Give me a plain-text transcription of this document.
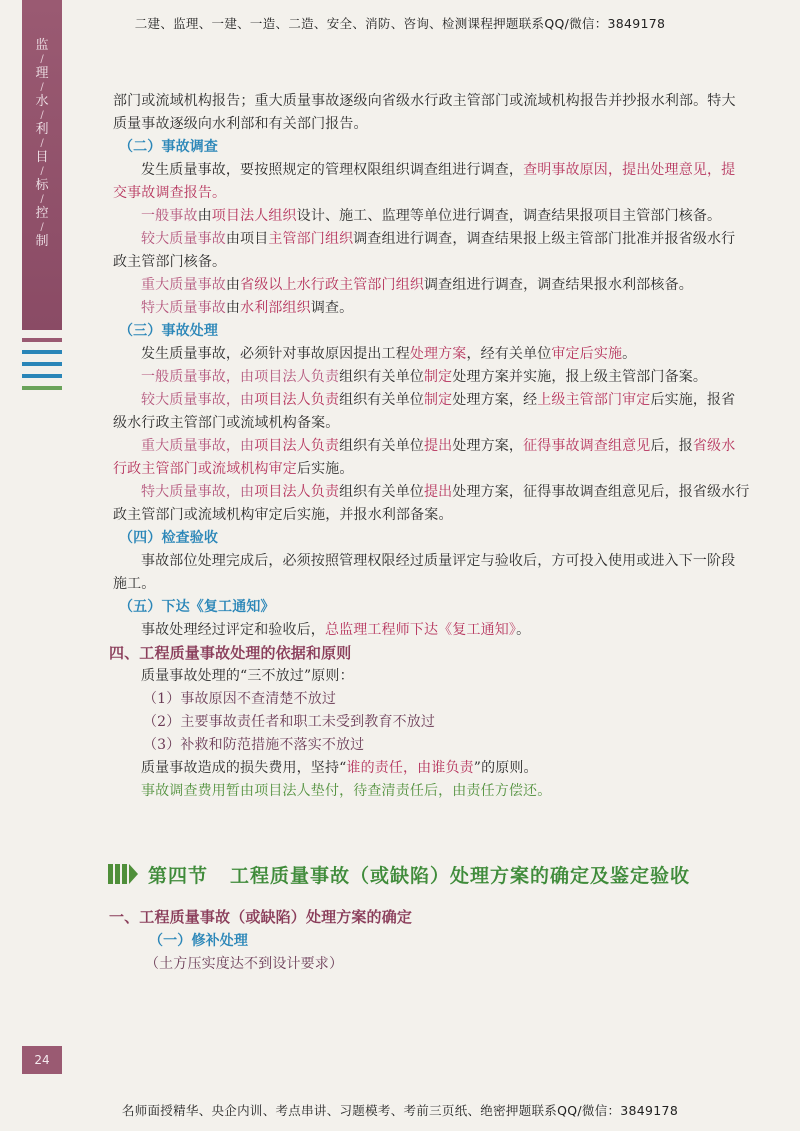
二建、监理、一建、一造、二造、安全、消防、咨询、检测课程押题联系QQ/微信：3849178
监
/
理
/
水
/
利
/
目
/
标
/
控
/
制
部门或流域机构报告；重大质量事故逐级向省级水行政主管部门或流域机构报告并抄报水利部。特大
质量事故逐级向水利部和有关部门报告。
（二）事故调查
发生质量事故，要按照规定的管理权限组织调查组进行调查，查明事故原因，提出处理意见，提
交事故调查报告。
一般事故由项目法人组织设计、施工、监理等单位进行调查，调查结果报项目主管部门核备。
较大质量事故由项目主管部门组织调查组进行调查，调查结果报上级主管部门批准并报省级水行
政主管部门核备。
重大质量事故由省级以上水行政主管部门组织调查组进行调查，调查结果报水利部核备。
特大质量事故由水利部组织调查。
（三）事故处理
发生质量事故，必须针对事故原因提出工程处理方案，经有关单位审定后实施。
一般质量事故，由项目法人负责组织有关单位制定处理方案并实施，报上级主管部门备案。
较大质量事故，由项目法人负责组织有关单位制定处理方案，经上级主管部门审定后实施，报省
级水行政主管部门或流域机构备案。
重大质量事故，由项目法人负责组织有关单位提出处理方案，征得事故调查组意见后，报省级水
行政主管部门或流域机构审定后实施。
特大质量事故，由项目法人负责组织有关单位提出处理方案，征得事故调查组意见后，报省级水行
政主管部门或流域机构审定后实施，并报水利部备案。
（四）检查验收
事故部位处理完成后，必须按照管理权限经过质量评定与验收后，方可投入使用或进入下一阶段
施工。
（五）下达《复工通知》
事故处理经过评定和验收后，总监理工程师下达《复工通知》。
四、工程质量事故处理的依据和原则
质量事故处理的“三不放过”原则：
（1）事故原因不查清楚不放过
（2）主要事故责任者和职工未受到教育不放过
（3）补救和防范措施不落实不放过
质量事故造成的损失费用，坚持“谁的责任，由谁负责”的原则。
事故调查费用暂由项目法人垫付，待查清责任后，由责任方偿还。
第四节 工程质量事故（或缺陷）处理方案的确定及鉴定验收
一、工程质量事故（或缺陷）处理方案的确定
（一）修补处理
（土方压实度达不到设计要求）
24
名师面授精华、央企内训、考点串讲、习题模考、考前三页纸、绝密押题联系QQ/微信：3849178
